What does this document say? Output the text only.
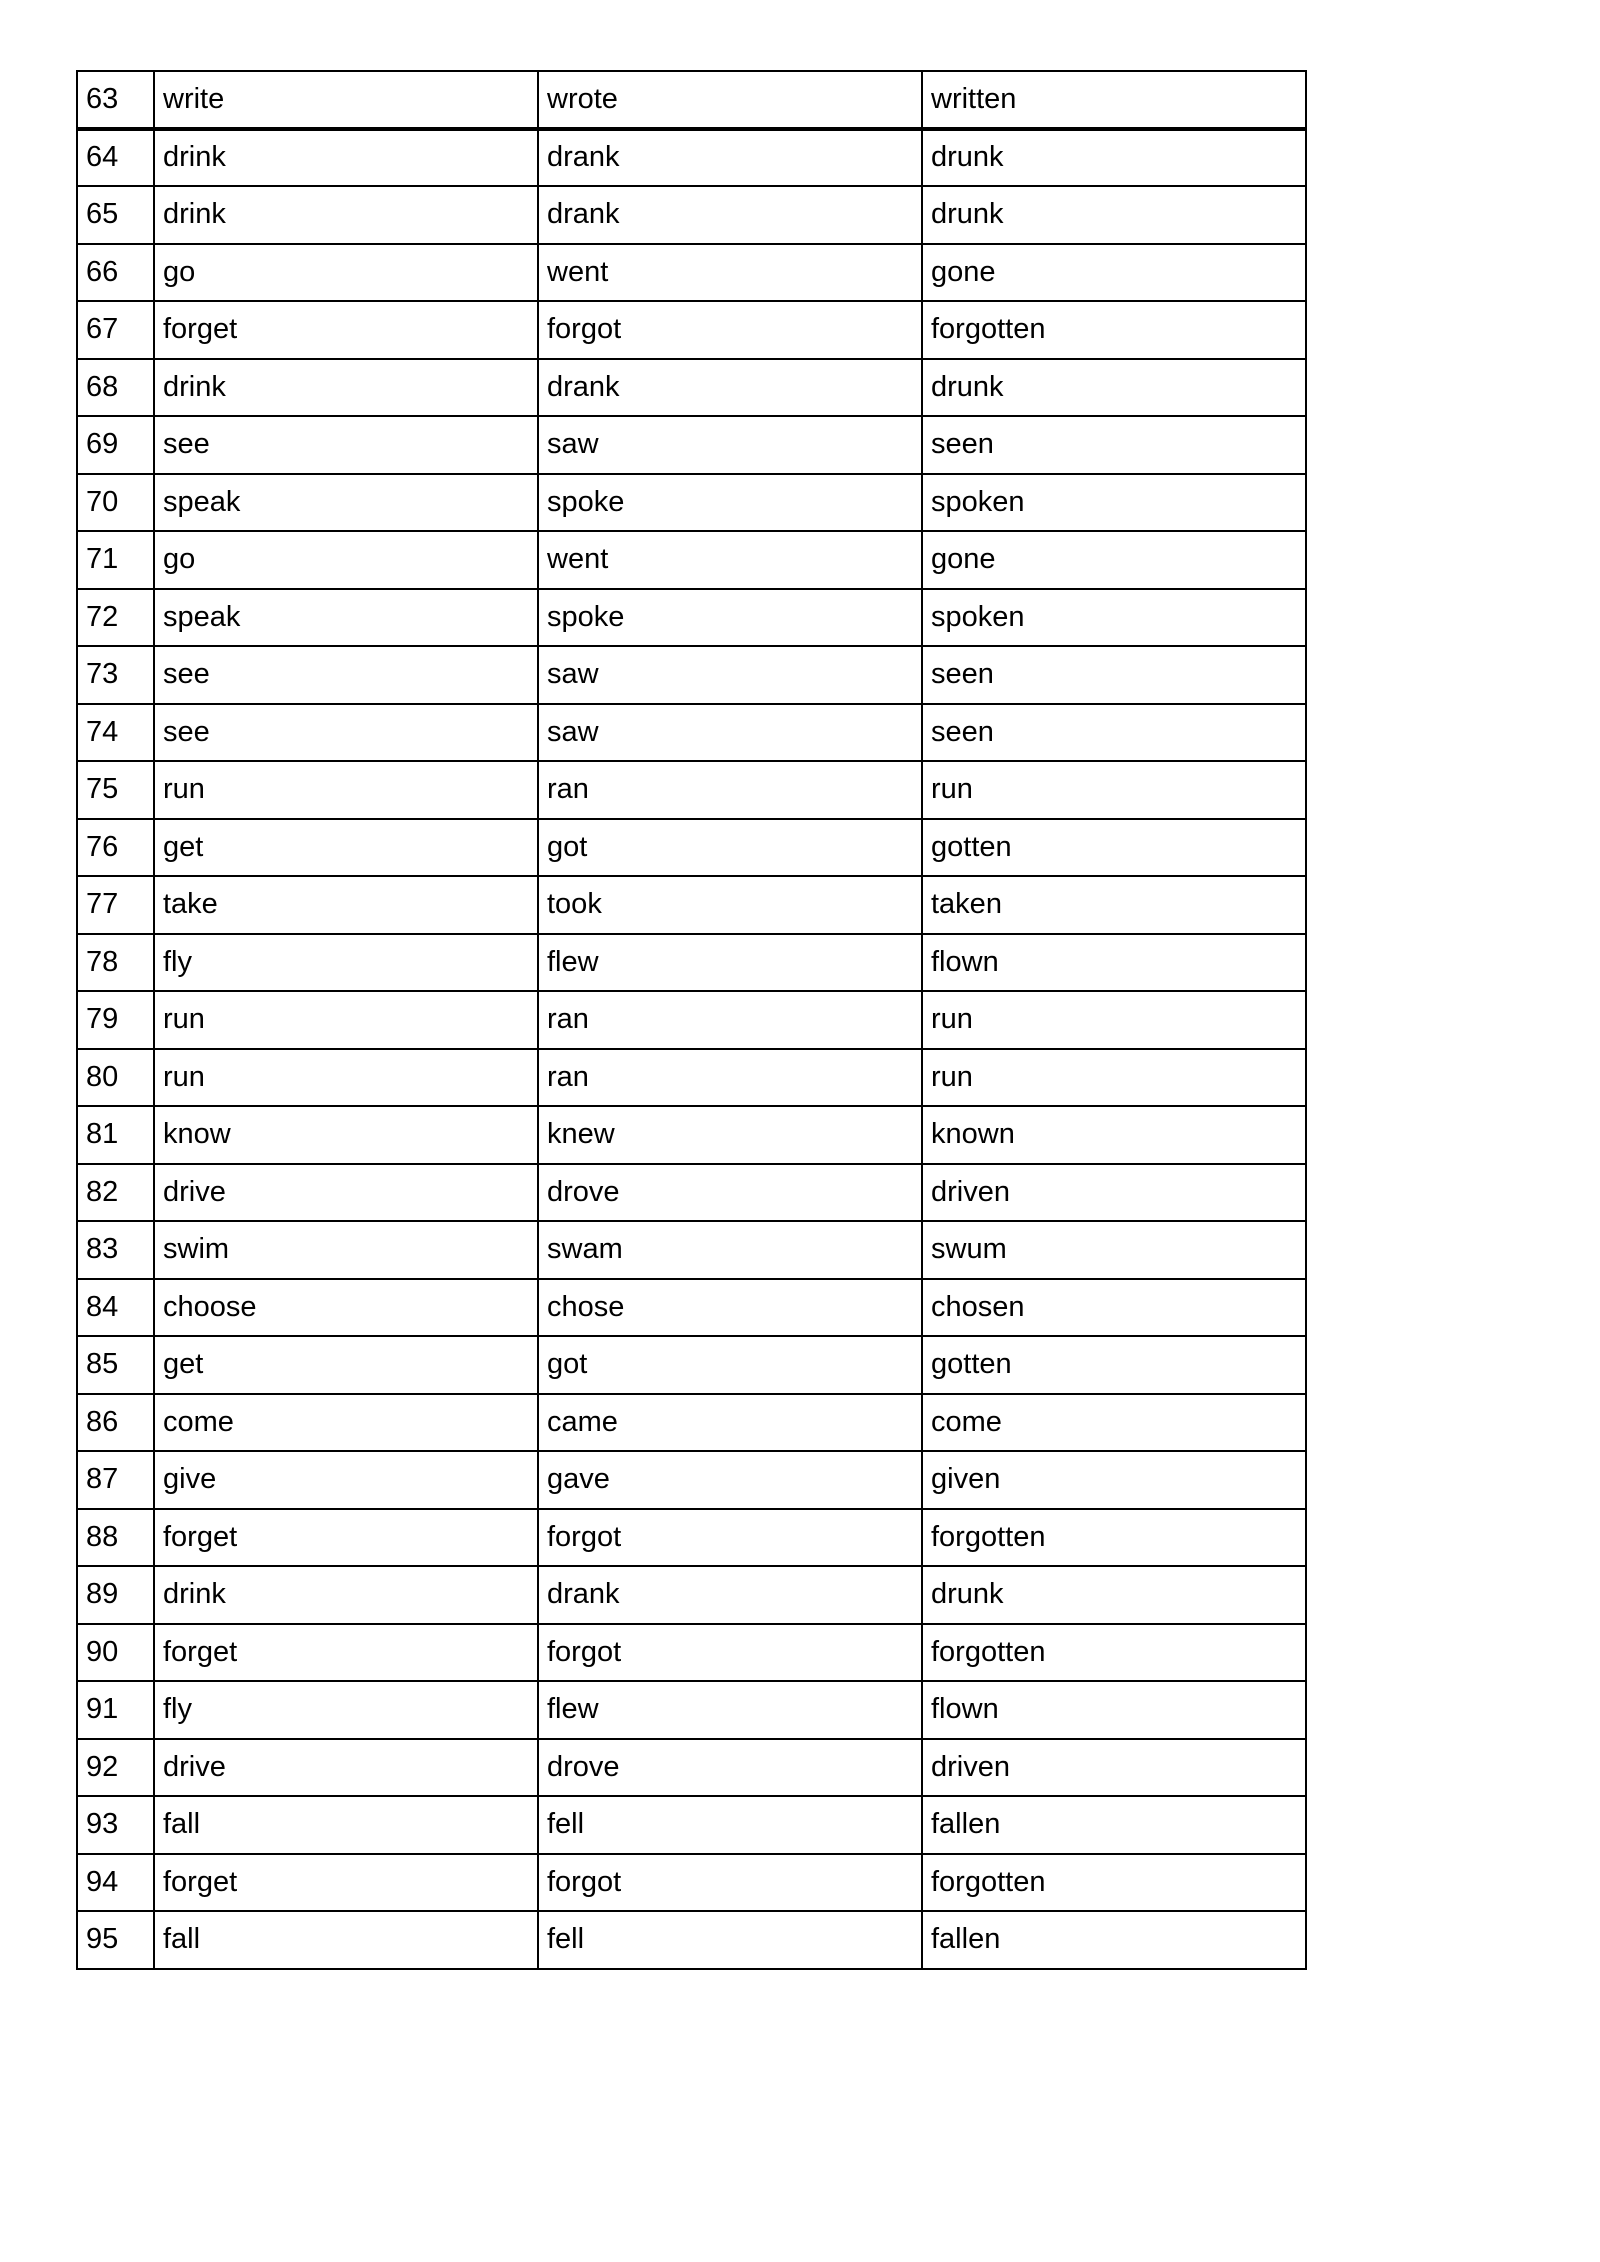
63	write	wrote	written
64	drink	drank	drunk
65	drink	drank	drunk
66	go	went	gone
67	forget	forgot	forgotten
68	drink	drank	drunk
69	see	saw	seen
70	speak	spoke	spoken
71	go	went	gone
72	speak	spoke	spoken
73	see	saw	seen
74	see	saw	seen
75	run	ran	run
76	get	got	gotten
77	take	took	taken
78	fly	flew	flown
79	run	ran	run
80	run	ran	run
81	know	knew	known
82	drive	drove	driven
83	swim	swam	swum
84	choose	chose	chosen
85	get	got	gotten
86	come	came	come
87	give	gave	given
88	forget	forgot	forgotten
89	drink	drank	drunk
90	forget	forgot	forgotten
91	fly	flew	flown
92	drive	drove	driven
93	fall	fell	fallen
94	forget	forgot	forgotten
95	fall	fell	fallen
